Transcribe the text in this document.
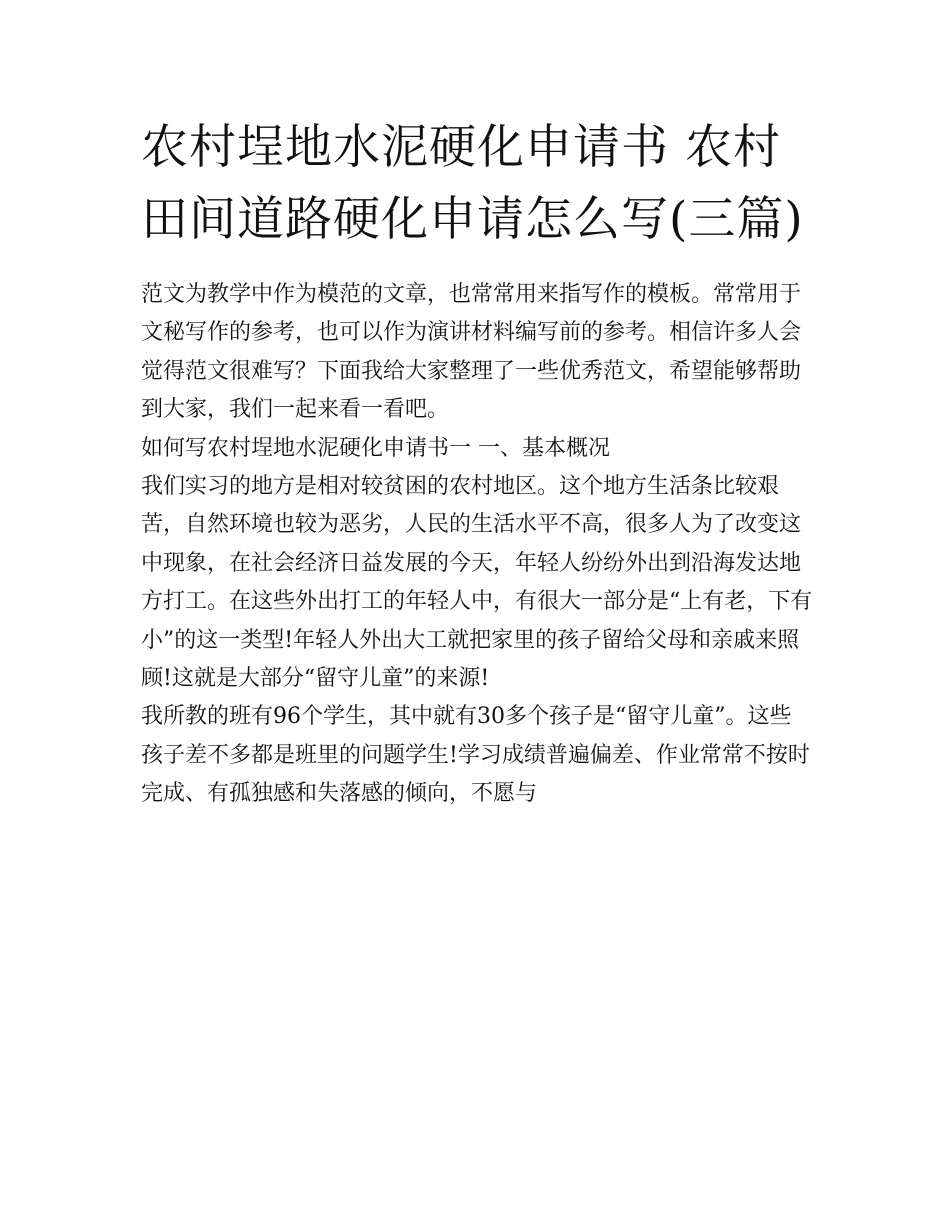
农村埕地水泥硬化申请书 农村田间道路硬化申请怎么写(三篇)

范文为教学中作为模范的文章，也常常用来指写作的模板。常常用于文秘写作的参考，也可以作为演讲材料编写前的参考。相信许多人会觉得范文很难写？下面我给大家整理了一些优秀范文，希望能够帮助到大家，我们一起来看一看吧。

如何写农村埕地水泥硬化申请书一 一、基本概况

我们实习的地方是相对较贫困的农村地区。这个地方生活条比较艰苦，自然环境也较为恶劣，人民的生活水平不高，很多人为了改变这中现象，在社会经济日益发展的今天，年轻人纷纷外出到沿海发达地方打工。在这些外出打工的年轻人中，有很大一部分是“上有老，下有小”的这一类型!年轻人外出大工就把家里的孩子留给父母和亲戚来照顾!这就是大部分“留守儿童”的来源!

我所教的班有96个学生，其中就有30多个孩子是“留守儿童”。这些孩子差不多都是班里的问题学生!学习成绩普遍偏差、作业常常不按时完成、有孤独感和失落感的倾向，不愿与
